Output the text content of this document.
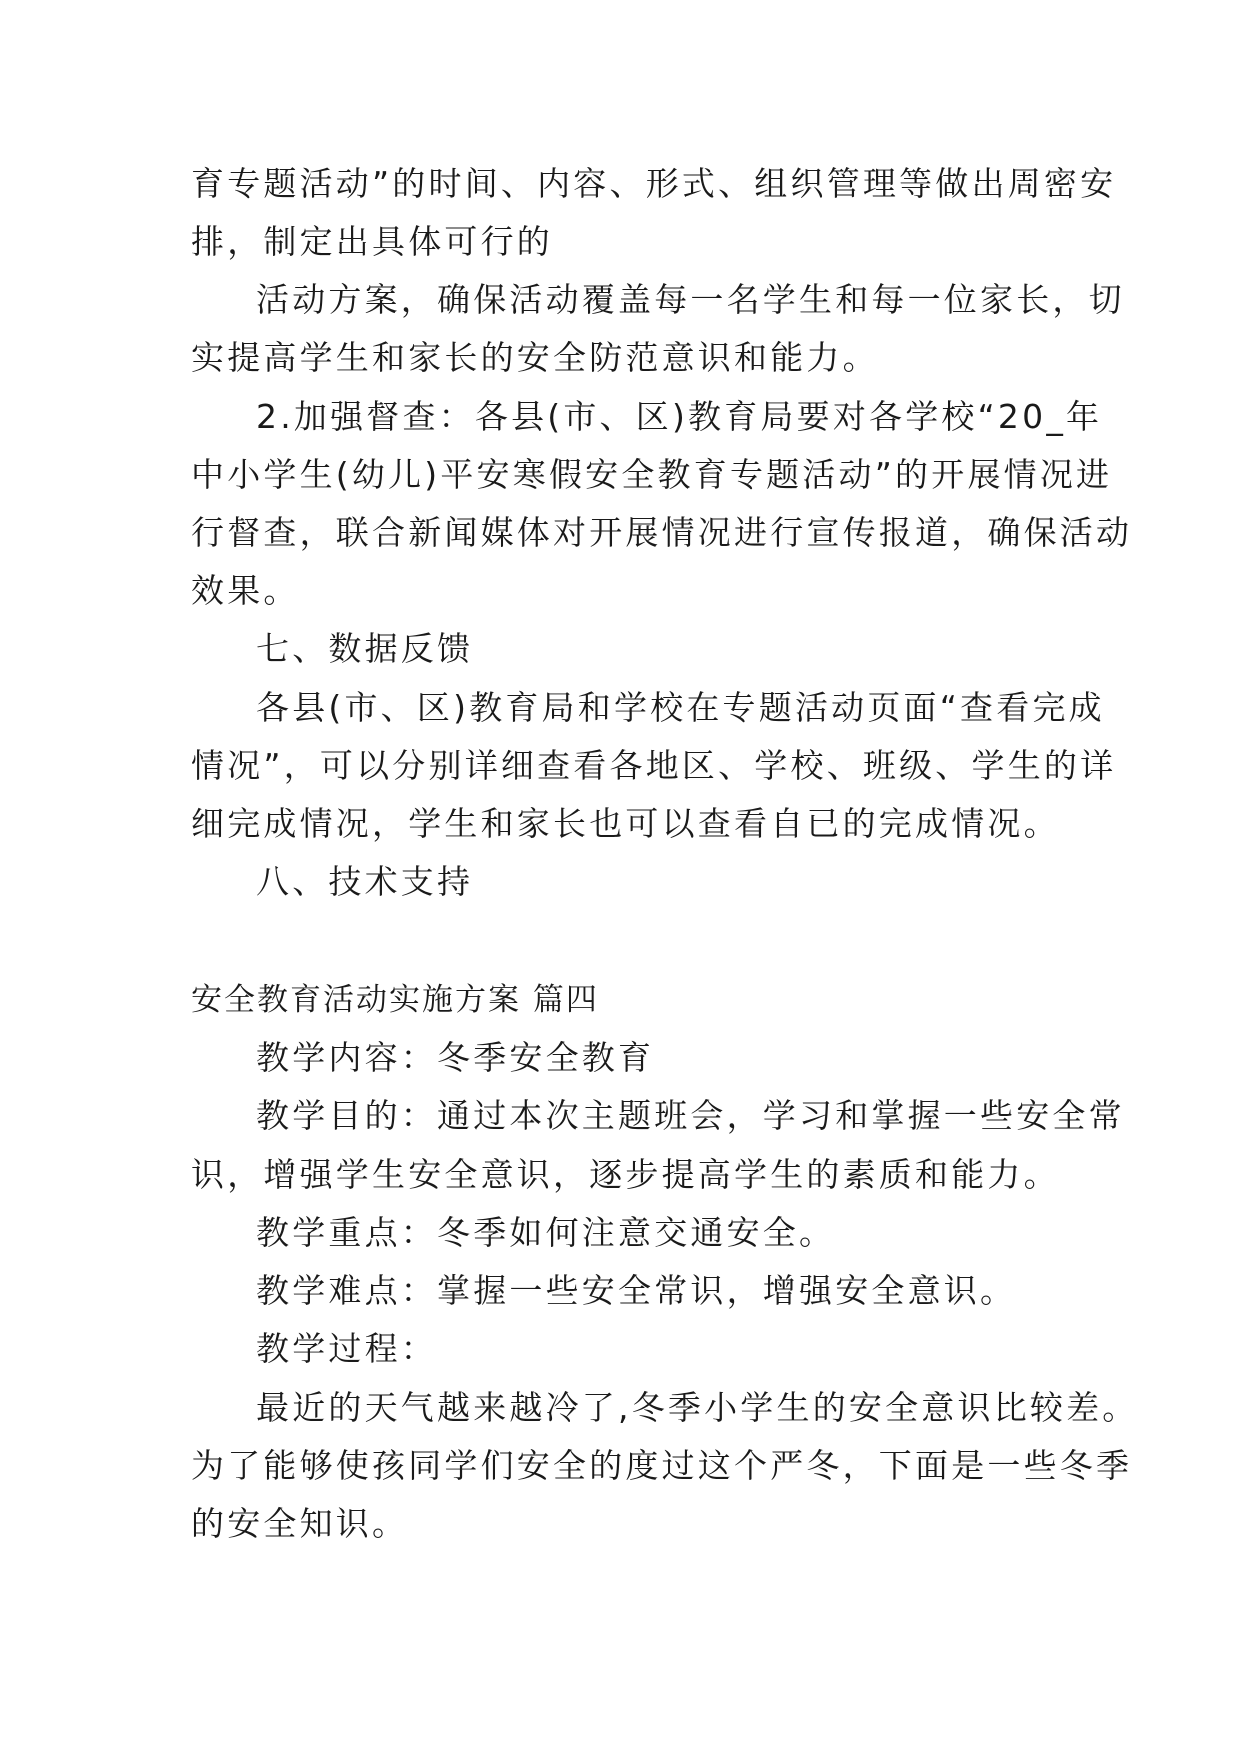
育专题活动”的时间、内容、形式、组织管理等做出周密安
排，制定出具体可行的
活动方案，确保活动覆盖每一名学生和每一位家长，切
实提高学生和家长的安全防范意识和能力。
2.加强督查：各县(市、区)教育局要对各学校“20_年
中小学生(幼儿)平安寒假安全教育专题活动”的开展情况进
行督查，联合新闻媒体对开展情况进行宣传报道，确保活动
效果。
七、数据反馈
各县(市、区)教育局和学校在专题活动页面“查看完成
情况”，可以分别详细查看各地区、学校、班级、学生的详
细完成情况，学生和家长也可以查看自已的完成情况。
八、技术支持
安全教育活动实施方案 篇四
教学内容：冬季安全教育
教学目的：通过本次主题班会，学习和掌握一些安全常
识，增强学生安全意识，逐步提高学生的素质和能力。
教学重点：冬季如何注意交通安全。
教学难点：掌握一些安全常识，增强安全意识。
教学过程：
最近的天气越来越冷了,冬季小学生的安全意识比较差。
为了能够使孩同学们安全的度过这个严冬，下面是一些冬季
的安全知识。
